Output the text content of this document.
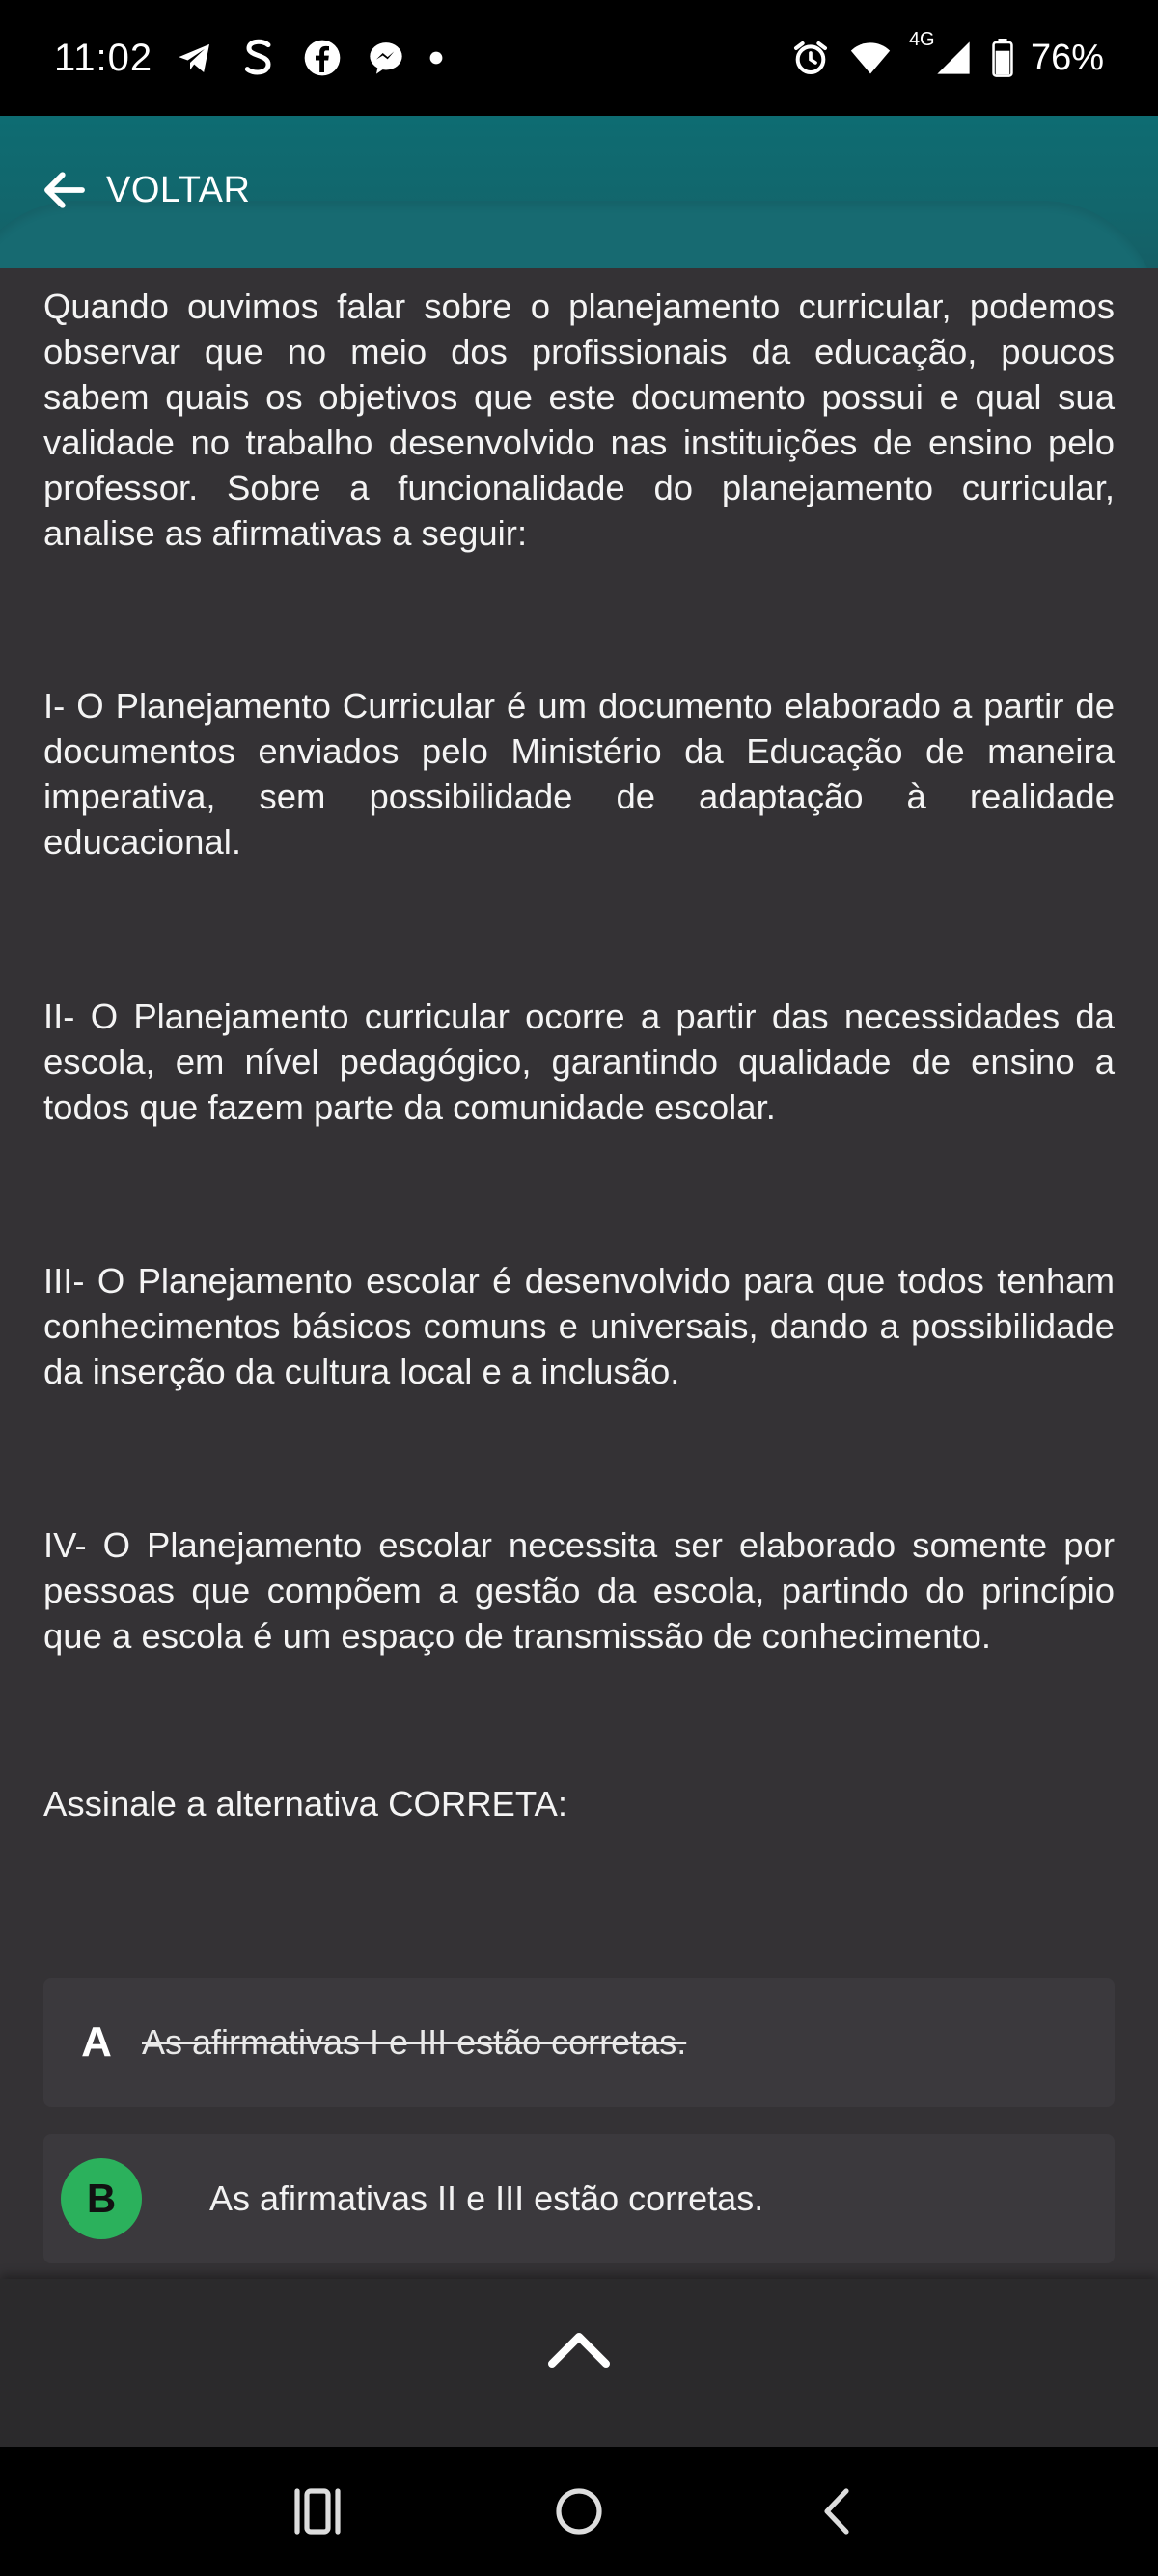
11:02	4G	76%
VOLTAR

Quando ouvimos falar sobre o planejamento curricular, podemos observar que no meio dos profissionais da educação, poucos sabem quais os objetivos que este documento possui e qual sua validade no trabalho desenvolvido nas instituições de ensino pelo professor. Sobre a funcionalidade do planejamento curricular, analise as afirmativas a seguir:

I- O Planejamento Curricular é um documento elaborado a partir de documentos enviados pelo Ministério da Educação de maneira imperativa, sem possibilidade de adaptação à realidade educacional.

II- O Planejamento curricular ocorre a partir das necessidades da escola, em nível pedagógico, garantindo qualidade de ensino a todos que fazem parte da comunidade escolar.

III- O Planejamento escolar é desenvolvido para que todos tenham conhecimentos básicos comuns e universais, dando a possibilidade da inserção da cultura local e a inclusão.

IV- O Planejamento escolar necessita ser elaborado somente por pessoas que compõem a gestão da escola, partindo do princípio que a escola é um espaço de transmissão de conhecimento.

Assinale a alternativa CORRETA:

A As afirmativas I e III estão corretas.
B	As afirmativas II e III estão corretas.
